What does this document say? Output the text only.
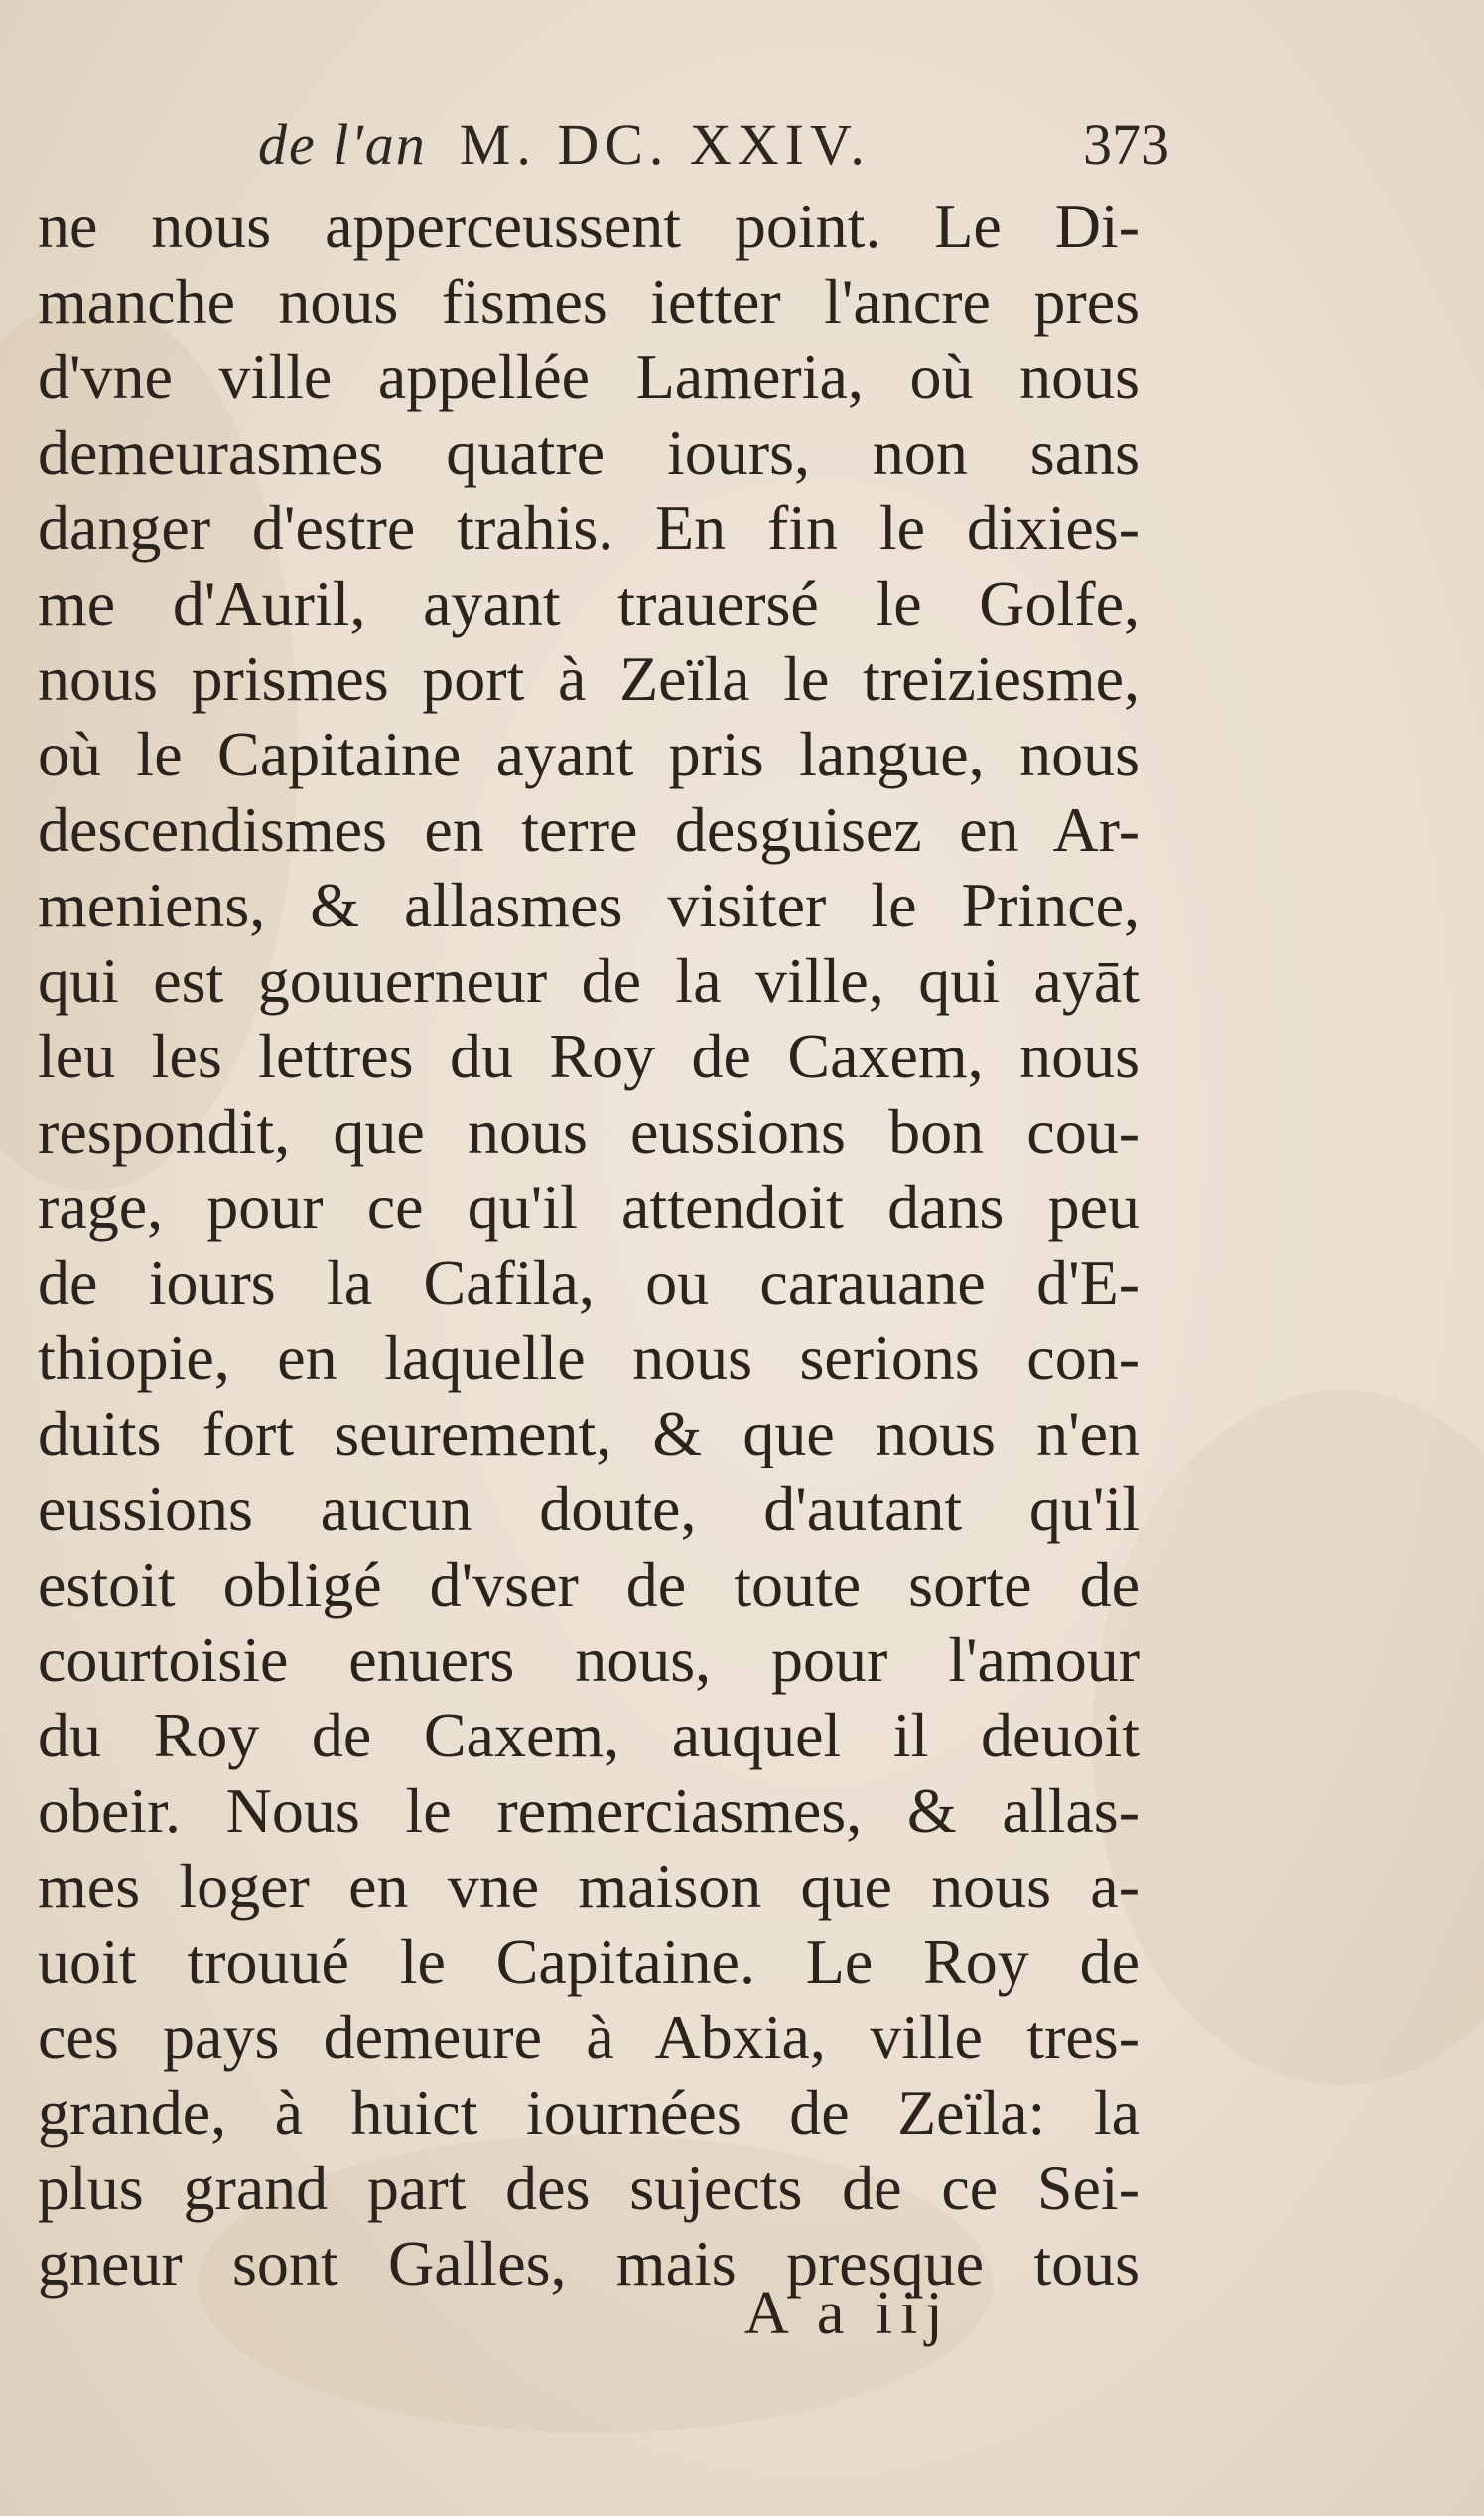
de l'an M. DC. XXIV.	373
ne nous apperceussent point. Le Di-
manche nous fismes ietter l'ancre pres
d'vne ville appellée Lameria, où nous
demeurasmes quatre iours, non sans
danger d'estre trahis. En fin le dixies-
me d'Auril, ayant trauersé le Golfe,
nous prismes port à Zeïla le treiziesme,
où le Capitaine ayant pris langue, nous
descendismes en terre desguisez en Ar-
meniens, & allasmes visiter le Prince,
qui est gouuerneur de la ville, qui ayāt
leu les lettres du Roy de Caxem, nous
respondit, que nous eussions bon cou-
rage, pour ce qu'il attendoit dans peu
de iours la Cafila, ou carauane d'E-
thiopie, en laquelle nous serions con-
duits fort seurement, & que nous n'en
eussions aucun doute, d'autant qu'il
estoit obligé d'vser de toute sorte de
courtoisie enuers nous, pour l'amour
du Roy de Caxem, auquel il deuoit
obeir. Nous le remerciasmes, & allas-
mes loger en vne maison que nous a-
uoit trouué le Capitaine. Le Roy de
ces pays demeure à Abxia, ville tres-
grande, à huict iournées de Zeïla: la
plus grand part des sujects de ce Sei-
gneur sont Galles, mais presque tous
A a iij
